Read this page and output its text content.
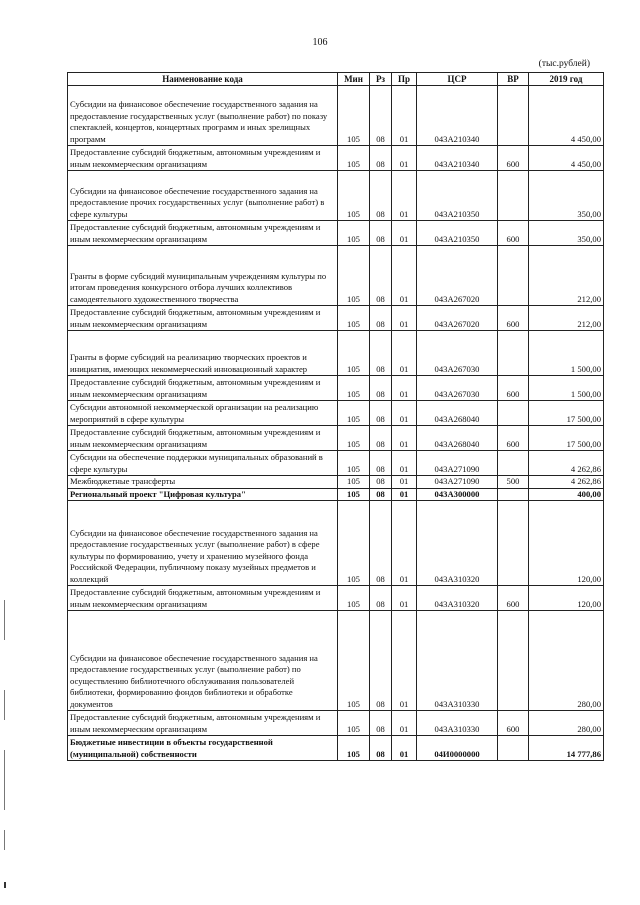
106
(тыс.рублей)
Наименование кода	Мин	Рз	Пр	ЦСР	ВР	2019 год
Субсидии на финансовое обеспечение государственного задания на предоставление государственных услуг (выполнение работ) по показу спектаклей, концертов, концертных программ и иных зрелищных программ	105	08	01	043А210340		4 450,00
Предоставление субсидий бюджетным, автономным учреждениям и иным некоммерческим организациям	105	08	01	043А210340	600	4 450,00
Субсидии на финансовое обеспечение государственного задания на предоставление прочих государственных услуг (выполнение работ) в сфере культуры	105	08	01	043А210350		350,00
Предоставление субсидий бюджетным, автономным учреждениям и иным некоммерческим организациям	105	08	01	043А210350	600	350,00
Гранты в форме субсидий муниципальным учреждениям культуры по итогам проведения конкурсного отбора лучших коллективов самодеятельного художественного творчества	105	08	01	043А267020		212,00
Предоставление субсидий бюджетным, автономным учреждениям и иным некоммерческим организациям	105	08	01	043А267020	600	212,00
Гранты в форме субсидий на реализацию творческих проектов и инициатив, имеющих некоммерческий инновационный характер	105	08	01	043А267030		1 500,00
Предоставление субсидий бюджетным, автономным учреждениям и иным некоммерческим организациям	105	08	01	043А267030	600	1 500,00
Субсидии автономной некоммерческой организации на реализацию мероприятий в сфере культуры	105	08	01	043А268040		17 500,00
Предоставление субсидий бюджетным, автономным учреждениям и иным некоммерческим организациям	105	08	01	043А268040	600	17 500,00
Субсидии на обеспечение поддержки муниципальных образований в сфере культуры	105	08	01	043А271090		4 262,86
Межбюджетные трансферты	105	08	01	043А271090	500	4 262,86
Региональный проект "Цифровая культура"	105	08	01	043А300000		400,00
Субсидии на финансовое обеспечение государственного задания на предоставление государственных услуг (выполнение работ) в сфере культуры по формированию, учету и хранению музейного фонда Российской Федерации, публичному показу музейных предметов и коллекций	105	08	01	043А310320		120,00
Предоставление субсидий бюджетным, автономным учреждениям и иным некоммерческим организациям	105	08	01	043А310320	600	120,00
Субсидии на финансовое обеспечение государственного задания на предоставление государственных услуг (выполнение работ) по осуществлению библиотечного обслуживания пользователей библиотеки, формированию фондов библиотеки и обработке документов	105	08	01	043А310330		280,00
Предоставление субсидий бюджетным, автономным учреждениям и иным некоммерческим организациям	105	08	01	043А310330	600	280,00
Бюджетные инвестиции в объекты государственной (муниципальной) собственности	105	08	01	04И0000000		14 777,86
